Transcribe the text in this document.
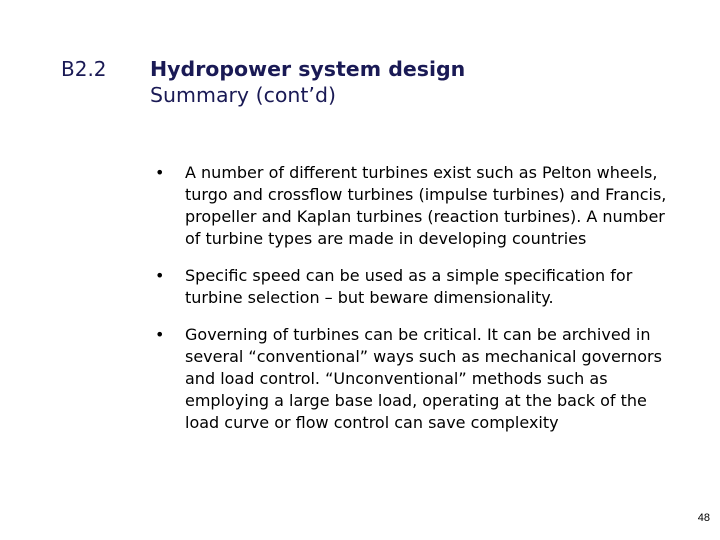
B2.2 Hydropower system design
Summary (cont’d)
•	A number of different turbines exist such as Pelton wheels, turgo and crossflow turbines (impulse turbines) and Francis, propeller and Kaplan turbines (reaction turbines). A number of turbine types are made in developing countries
•	Specific speed can be used as a simple specification for turbine selection – but beware dimensionality.
•	Governing of turbines can be critical. It can be archived in several “conventional” ways such as mechanical governors and load control. “Unconventional” methods such as employing a large base load, operating at the back of the load curve or flow control can save complexity
48
